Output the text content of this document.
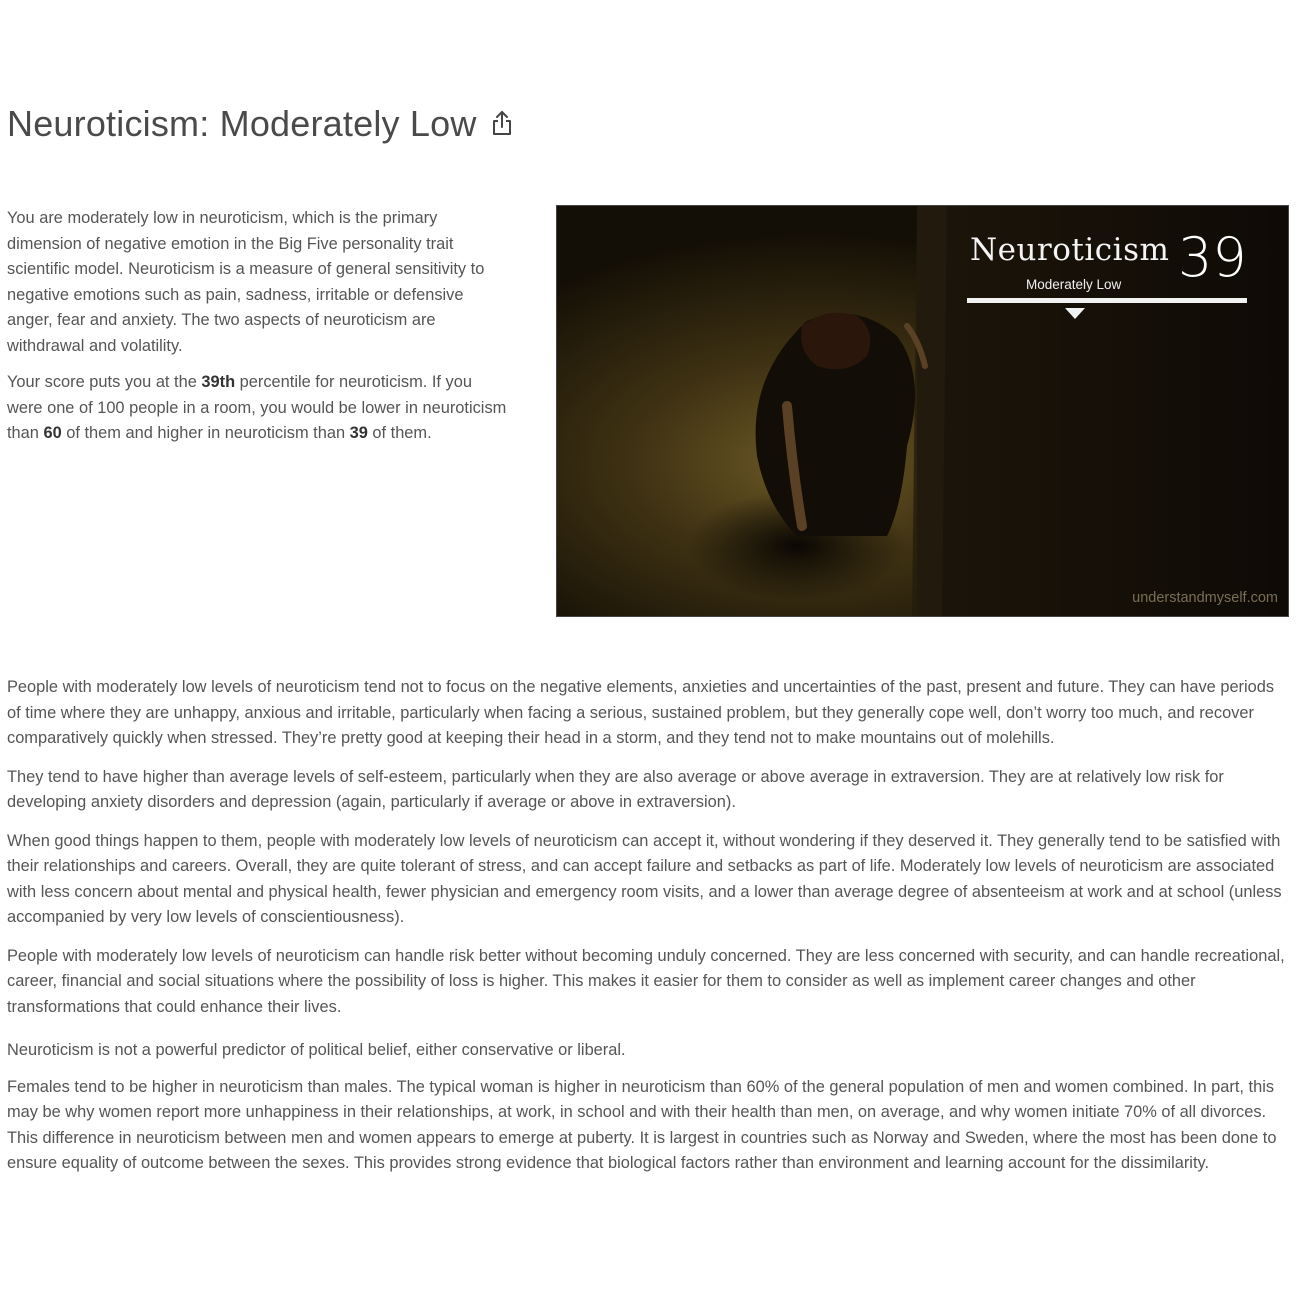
Neuroticism: Moderately Low

You are moderately low in neuroticism, which is the primary dimension of negative emotion in the Big Five personality trait scientific model. Neuroticism is a measure of general sensitivity to negative emotions such as pain, sadness, irritable or defensive anger, fear and anxiety. The two aspects of neuroticism are withdrawal and volatility.

Your score puts you at the 39th percentile for neuroticism. If you were one of 100 people in a room, you would be lower in neuroticism than 60 of them and higher in neuroticism than 39 of them.

Neuroticism 39
Moderately Low
understandmyself.com

People with moderately low levels of neuroticism tend not to focus on the negative elements, anxieties and uncertainties of the past, present and future. They can have periods of time where they are unhappy, anxious and irritable, particularly when facing a serious, sustained problem, but they generally cope well, don’t worry too much, and recover comparatively quickly when stressed. They’re pretty good at keeping their head in a storm, and they tend not to make mountains out of molehills.

They tend to have higher than average levels of self-esteem, particularly when they are also average or above average in extraversion. They are at relatively low risk for developing anxiety disorders and depression (again, particularly if average or above in extraversion).

When good things happen to them, people with moderately low levels of neuroticism can accept it, without wondering if they deserved it. They generally tend to be satisfied with their relationships and careers. Overall, they are quite tolerant of stress, and can accept failure and setbacks as part of life. Moderately low levels of neuroticism are associated with less concern about mental and physical health, fewer physician and emergency room visits, and a lower than average degree of absenteeism at work and at school (unless accompanied by very low levels of conscientiousness).

People with moderately low levels of neuroticism can handle risk better without becoming unduly concerned. They are less concerned with security, and can handle recreational, career, financial and social situations where the possibility of loss is higher. This makes it easier for them to consider as well as implement career changes and other transformations that could enhance their lives.

Neuroticism is not a powerful predictor of political belief, either conservative or liberal.

Females tend to be higher in neuroticism than males. The typical woman is higher in neuroticism than 60% of the general population of men and women combined. In part, this may be why women report more unhappiness in their relationships, at work, in school and with their health than men, on average, and why women initiate 70% of all divorces. This difference in neuroticism between men and women appears to emerge at puberty. It is largest in countries such as Norway and Sweden, where the most has been done to ensure equality of outcome between the sexes. This provides strong evidence that biological factors rather than environment and learning account for the dissimilarity.
